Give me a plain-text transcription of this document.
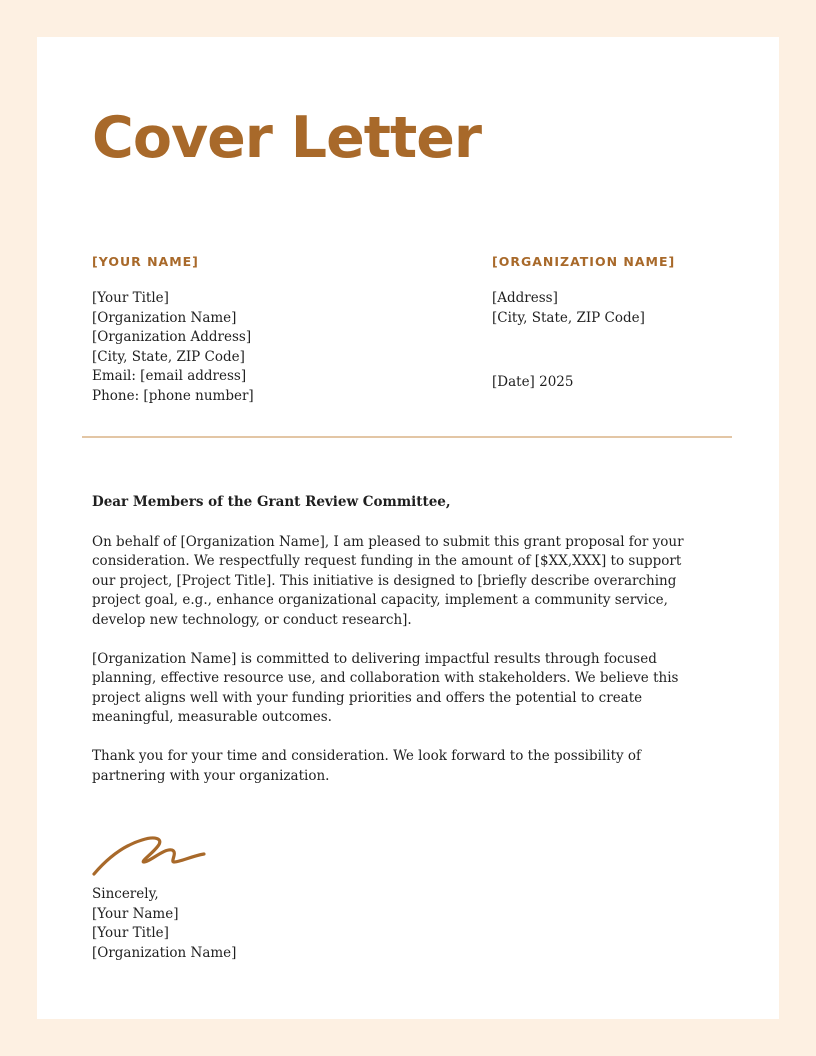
Cover Letter
[YOUR NAME]
[Your Title]
[Organization Name]
[Organization Address]
[City, State, ZIP Code]
Email: [email address]
Phone: [phone number]
[ORGANIZATION NAME]
[Address]
[City, State, ZIP Code]
[Date] 2025

Dear Members of the Grant Review Committee,

On behalf of [Organization Name], I am pleased to submit this grant proposal for your consideration. We respectfully request funding in the amount of [$XX,XXX] to support our project, [Project Title]. This initiative is designed to [briefly describe overarching project goal, e.g., enhance organizational capacity, implement a community service, develop new technology, or conduct research].

[Organization Name] is committed to delivering impactful results through focused planning, effective resource use, and collaboration with stakeholders. We believe this project aligns well with your funding priorities and offers the potential to create meaningful, measurable outcomes.

Thank you for your time and consideration. We look forward to the possibility of partnering with your organization.

Sincerely,
[Your Name]
[Your Title]
[Organization Name]
